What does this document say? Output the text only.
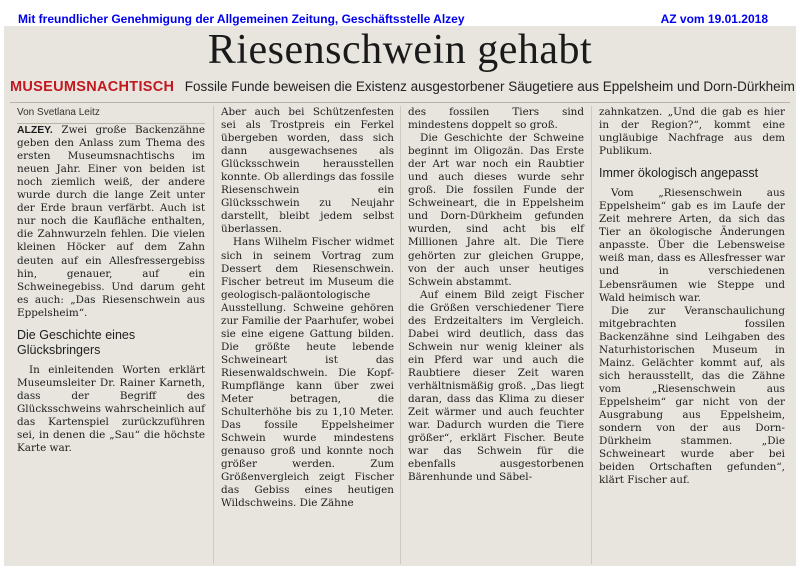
Mit freundlicher Genehmigung der Allgemeinen Zeitung, Geschäftsstelle Alzey	AZ vom 19.01.2018
Riesenschwein gehabt
MUSEUMSNACHTISCH Fossile Funde beweisen die Existenz ausgestorbener Säugetiere aus Eppelsheim und Dorn-Dürkheim

Von Svetlana Leitz

ALZEY. Zwei große Backenzähne geben den Anlass zum Thema des ersten Museumsnachtischs im neuen Jahr. Einer von beiden ist noch ziemlich weiß, der andere wurde durch die lange Zeit unter der Erde braun verfärbt. Auch ist nur noch die Kaufläche enthalten, die Zahnwurzeln fehlen. Die vielen kleinen Höcker auf dem Zahn deuten auf ein Allesfressergebiss hin, genauer, auf ein Schweinegebiss. Und darum geht es auch: „Das Riesenschwein aus Eppelsheim“.

Die Geschichte eines Glücksbringers

In einleitenden Worten erklärt Museumsleiter Dr. Rainer Karneth, dass der Begriff des Glücksschweins wahrscheinlich auf das Kartenspiel zurückzuführen sei, in denen die „Sau“ die höchste Karte war.

Aber auch bei Schützenfesten sei als Trostpreis ein Ferkel übergeben worden, dass sich dann ausgewachsenes als Glücksschwein herausstellen konnte. Ob allerdings das fossile Riesenschwein ein Glücksschwein zu Neujahr darstellt, bleibt jedem selbst überlassen.

Hans Wilhelm Fischer widmet sich in seinem Vortrag zum Dessert dem Riesenschwein. Fischer betreut im Museum die geologisch-paläontologische Ausstellung. Schweine gehören zur Familie der Paarhufer, wobei sie eine eigene Gattung bilden. Die größte heute lebende Schweineart ist das Riesenwaldschwein. Die Kopf-Rumpflänge kann über zwei Meter betragen, die Schulterhöhe bis zu 1,10 Meter. Das fossile Eppelsheimer Schwein wurde mindestens genauso groß und konnte noch größer werden. Zum Größenvergleich zeigt Fischer das Gebiss eines heutigen Wildschweins. Die Zähne

des fossilen Tiers sind mindestens doppelt so groß.

Die Geschichte der Schweine beginnt im Oligozän. Das Erste der Art war noch ein Raubtier und auch dieses wurde sehr groß. Die fossilen Funde der Schweineart, die in Eppelsheim und Dorn-Dürkheim gefunden wurden, sind acht bis elf Millionen Jahre alt. Die Tiere gehörten zur gleichen Gruppe, von der auch unser heutiges Schwein abstammt.

Auf einem Bild zeigt Fischer die Größen verschiedener Tiere des Erdzeitalters im Vergleich. Dabei wird deutlich, dass das Schwein nur wenig kleiner als ein Pferd war und auch die Raubtiere dieser Zeit waren verhältnismäßig groß. „Das liegt daran, dass das Klima zu dieser Zeit wärmer und auch feuchter war. Dadurch wurden die Tiere größer“, erklärt Fischer. Beute war das Schwein für die ebenfalls ausgestorbenen Bärenhunde und Säbel-

zahnkatzen. „Und die gab es hier in der Region?“, kommt eine ungläubige Nachfrage aus dem Publikum.

Immer ökologisch angepasst

Vom „Riesenschwein aus Eppelsheim“ gab es im Laufe der Zeit mehrere Arten, da sich das Tier an ökologische Änderungen anpasste. Über die Lebensweise weiß man, dass es Allesfresser war und in verschiedenen Lebensräumen wie Steppe und Wald heimisch war.

Die zur Veranschaulichung mitgebrachten fossilen Backenzähne sind Leihgaben des Naturhistorischen Museum in Mainz. Gelächter kommt auf, als sich herausstellt, das die Zähne vom „Riesenschwein aus Eppelsheim“ gar nicht von der Ausgrabung aus Eppelsheim, sondern von der aus Dorn-Dürkheim stammen. „Die Schweineart wurde aber bei beiden Ortschaften gefunden“, klärt Fischer auf.
